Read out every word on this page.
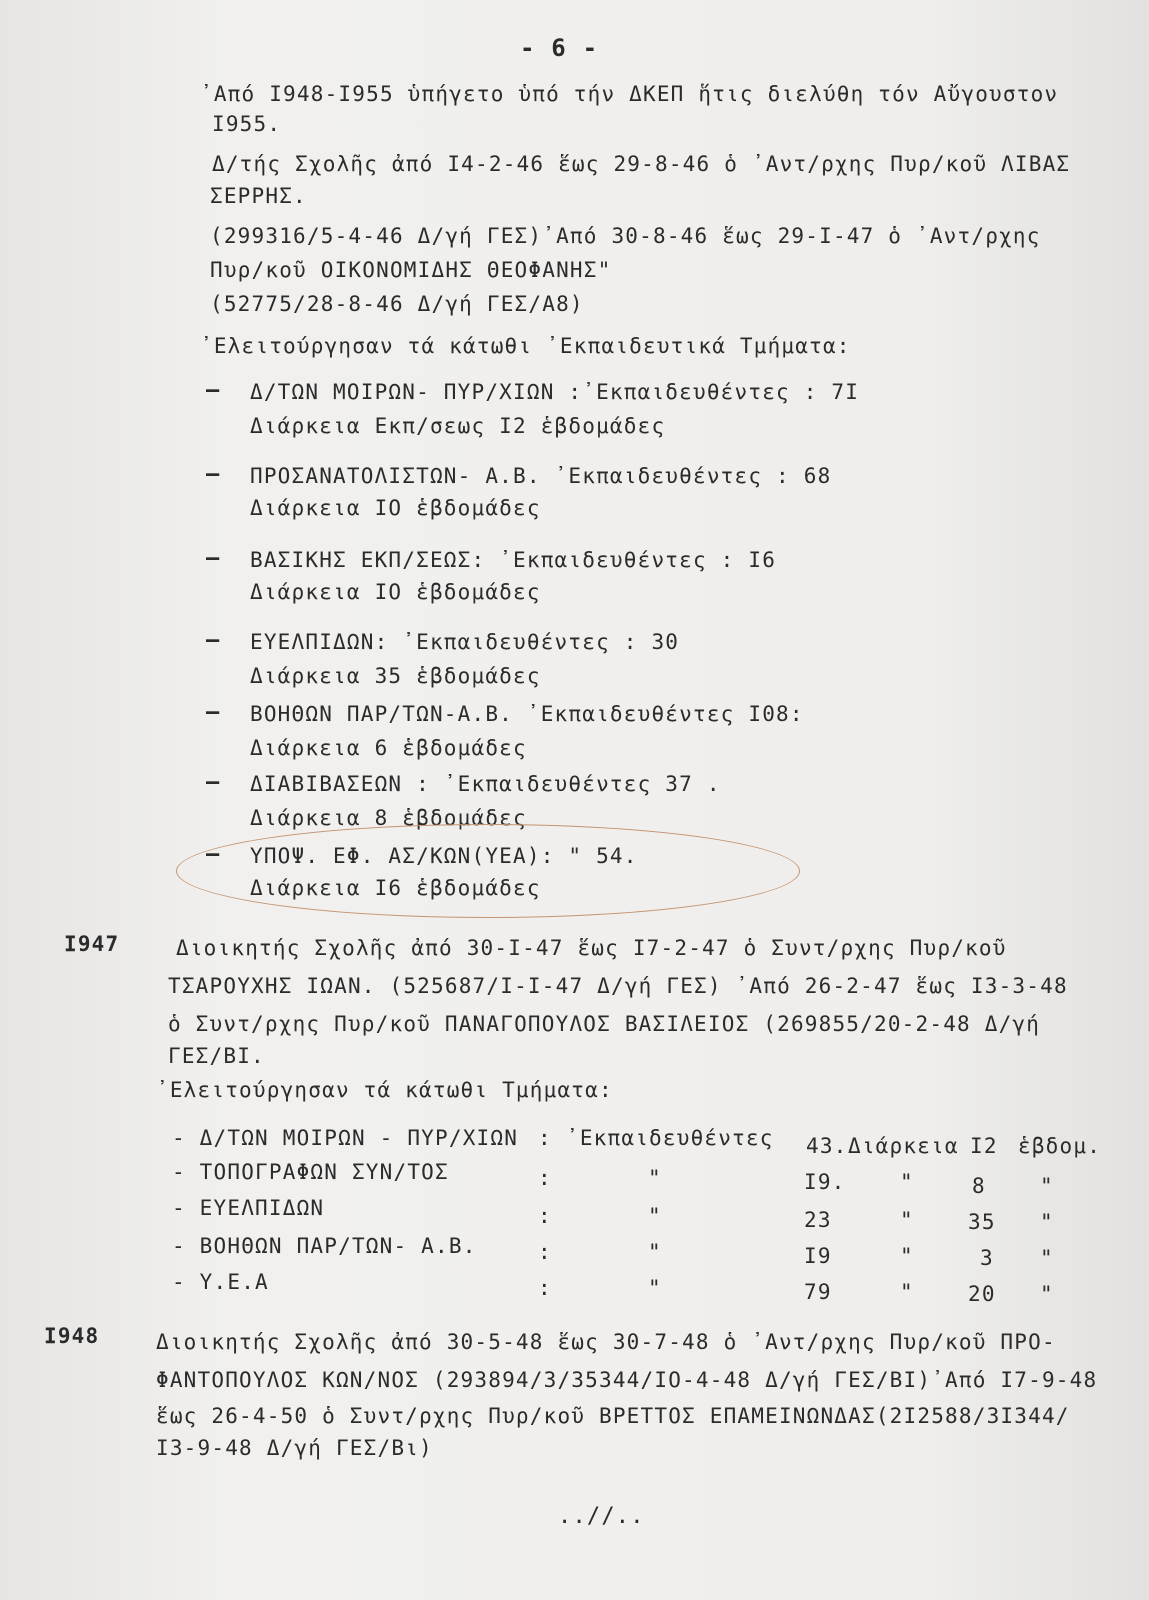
- 6 -
᾿Από Ι948-Ι955 ὑπήγετο ὑπό τήν ΔΚΕΠ ἥτις διελύθη τόν Αὔγουστον
Ι955.
Δ/τής Σχολῆς ἀπό Ι4-2-46 ἕως 29-8-46 ὁ ᾿Αντ/ρχης Πυρ/κοῦ ΛΙΒΑΣ
ΣΕΡΡΗΣ.
(299316/5-4-46 Δ/γή ΓΕΣ)᾿Από 30-8-46 ἕως 29-Ι-47 ὁ ᾿Αντ/ρχης
Πυρ/κοῦ ΟΙΚΟΝΟΜΙΔΗΣ ΘΕΟΦΑΝΗΣ"
(52775/28-8-46 Δ/γή ΓΕΣ/Α8)
᾿Ελειτούργησαν τά κάτωθι ᾿Εκπαιδευτικά Τμήματα:
– Δ/ΤΩΝ ΜΟΙΡΩΝ- ΠΥΡ/ΧΙΩΝ :᾿Εκπαιδευθέντες : 7Ι
Διάρκεια Εκπ/σεως Ι2 ἑβδομάδες
– ΠΡΟΣΑΝΑΤΟΛΙΣΤΩΝ- Α.Β. ᾿Εκπαιδευθέντες : 68
Διάρκεια ΙΟ ἑβδομάδες
– ΒΑΣΙΚΗΣ ΕΚΠ/ΣΕΩΣ: ᾿Εκπαιδευθέντες : Ι6
Διάρκεια ΙΟ ἑβδομάδες
– ΕΥΕΛΠΙΔΩΝ: ᾿Εκπαιδευθέντες : 30
Διάρκεια 35 ἑβδομάδες
– ΒΟΗΘΩΝ ΠΑΡ/ΤΩΝ-Α.Β. ᾿Εκπαιδευθέντες Ι08:
Διάρκεια 6 ἑβδομάδες
– ΔΙΑΒΙΒΑΣΕΩΝ : ᾿Εκπαιδευθέντες 37 .
Διάρκεια 8 ἑβδομάδες
– ΥΠΟΨ. ΕΦ. ΑΣ/ΚΩΝ(ΥΕΑ): " 54.
Διάρκεια Ι6 ἑβδομάδες
Ι947	Διοικητής Σχολῆς ἀπό 30-Ι-47 ἕως Ι7-2-47 ὁ Συντ/ρχης Πυρ/κοῦ
ΤΣΑΡΟΥΧΗΣ ΙΩΑΝ. (525687/Ι-Ι-47 Δ/γή ΓΕΣ) ᾿Από 26-2-47 ἕως Ι3-3-48
ὁ Συντ/ρχης Πυρ/κοῦ ΠΑΝΑΓΟΠΟΥΛΟΣ ΒΑΣΙΛΕΙΟΣ (269855/20-2-48 Δ/γή
ΓΕΣ/ΒΙ.
᾿Ελειτούργησαν τά κάτωθι Τμήματα:
- Δ/ΤΩΝ ΜΟΙΡΩΝ - ΠΥΡ/ΧΙΩΝ : ᾿Εκπαιδευθέντες 43. Διάρκεια Ι2 ἑβδομ.
- ΤΟΠΟΓΡΑΦΩΝ ΣΥΝ/ΤΟΣ	:	"	Ι9.	"	8	"
- ΕΥΕΛΠΙΔΩΝ	:	"	23	"	35 "
- ΒΟΗΘΩΝ ΠΑΡ/ΤΩΝ- Α.Β.	:	"	Ι9	"	3 "
- Υ.Ε.Α	:	"	79	"	20 "
Ι948	Διοικητής Σχολῆς ἀπό 30-5-48 ἕως 30-7-48 ὁ ᾿Αντ/ρχης Πυρ/κοῦ ΠΡΟ-
ΦΑΝΤΟΠΟΥΛΟΣ ΚΩΝ/ΝΟΣ (293894/3/35344/ΙΟ-4-48 Δ/γή ΓΕΣ/ΒΙ)᾿Από Ι7-9-48
ἕως 26-4-50 ὁ Συντ/ρχης Πυρ/κοῦ ΒΡΕΤΤΟΣ ΕΠΑΜΕΙΝΩΝΔΑΣ(2Ι2588/3Ι344/
Ι3-9-48 Δ/γή ΓΕΣ/Βι)
..//..
